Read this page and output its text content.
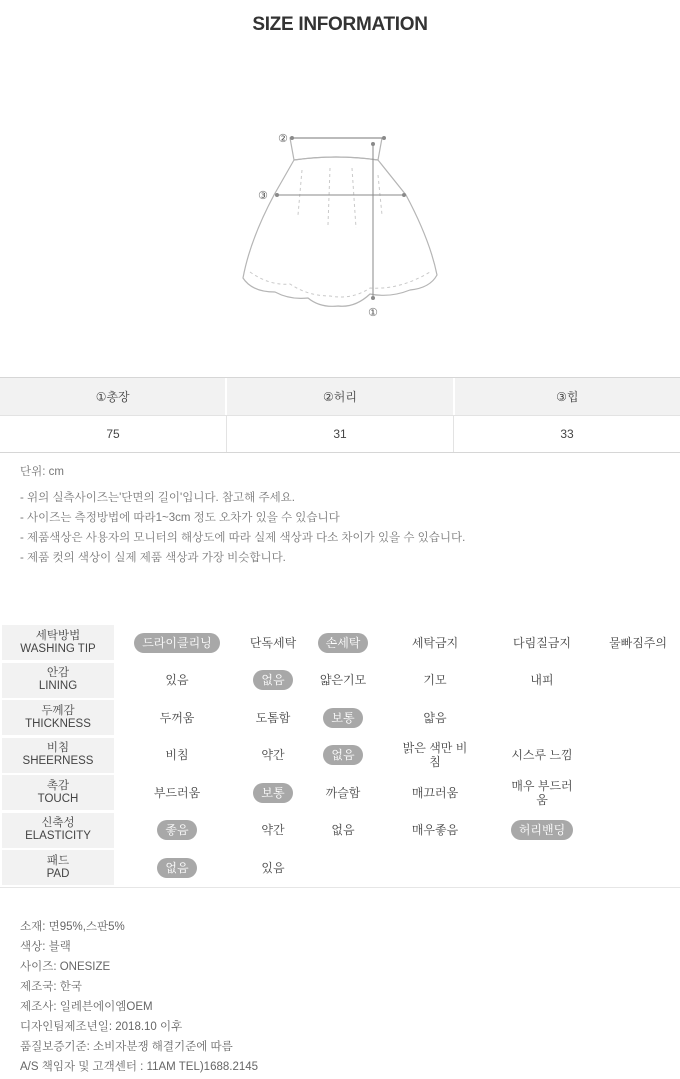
SIZE INFORMATION
②
③
①
①총장	②허리	③힙
75	31	33
단위: cm
- 위의 실측사이즈는'단면의 길이'입니다. 참고해 주세요.
- 사이즈는 측정방법에 따라1~3cm 정도 오차가 있을 수 있습니다
- 제품색상은 사용자의 모니터의 해상도에 따라 실제 색상과 다소 차이가 있을 수 있습니다.
- 제품 컷의 색상이 실제 제품 색상과 가장 비슷합니다.
세탁방법
WASHING TIP	드라이클리닝	단독세탁	손세탁	세탁금지	다림질금지	물빠짐주의
안감
LINING	있음	없음	얇은기모	기모	내피
두께감
THICKNESS	두꺼움	도톰함	보통	얇음
비침
SHEERNESS	비침	약간	없음	밝은 색만 비침	시스루 느낌
촉감
TOUCH	부드러움	보통	까슬함	매끄러움	매우 부드러움
신축성
ELASTICITY	좋음	약간	없음	매우좋음	허리밴딩
패드
PAD	없음	있음
소재: 면95%,스판5%
색상: 블랙
사이즈: ONESIZE
제조국: 한국
제조사: 일레븐에이엠OEM
디자인팀제조년일: 2018.10 이후
품질보증기준: 소비자분쟁 해결기준에 따름
A/S 책임자 및 고객센터 : 11AM TEL)1688.2145
